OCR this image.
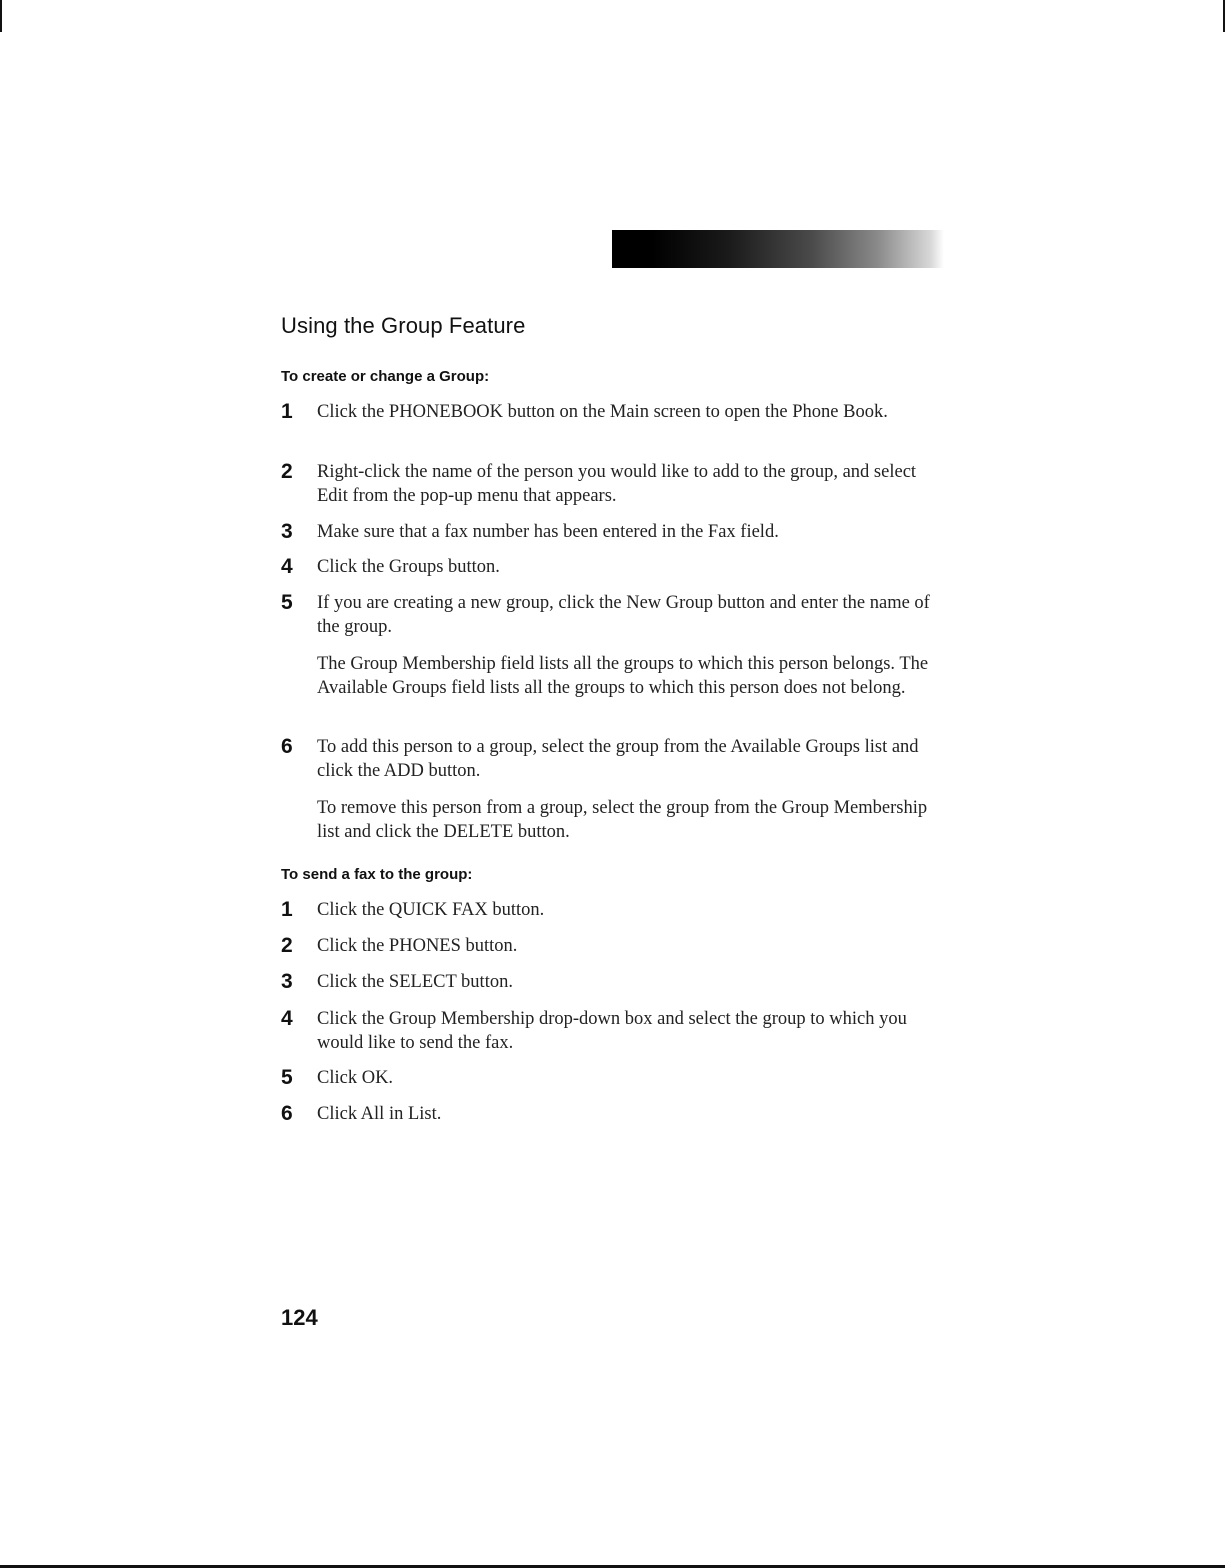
Using the Group Feature
To create or change a Group:
1	Click the PHONEBOOK button on the Main screen to open the Phone Book.
2	Right-click the name of the person you would like to add to the group, and select Edit from the pop-up menu that appears.
3	Make sure that a fax number has been entered in the Fax field.
4	Click the Groups button.
5	If you are creating a new group, click the New Group button and enter the name of the group.

The Group Membership field lists all the groups to which this person belongs. The Available Groups field lists all the groups to which this person does not belong.

6	To add this person to a group, select the group from the Available Groups list and click the ADD button.

To remove this person from a group, select the group from the Group Membership list and click the DELETE button.

To send a fax to the group:
1	Click the QUICK FAX button.
2	Click the PHONES button.
3	Click the SELECT button.
4	Click the Group Membership drop-down box and select the group to which you would like to send the fax.
5	Click OK.
6	Click All in List.

124
